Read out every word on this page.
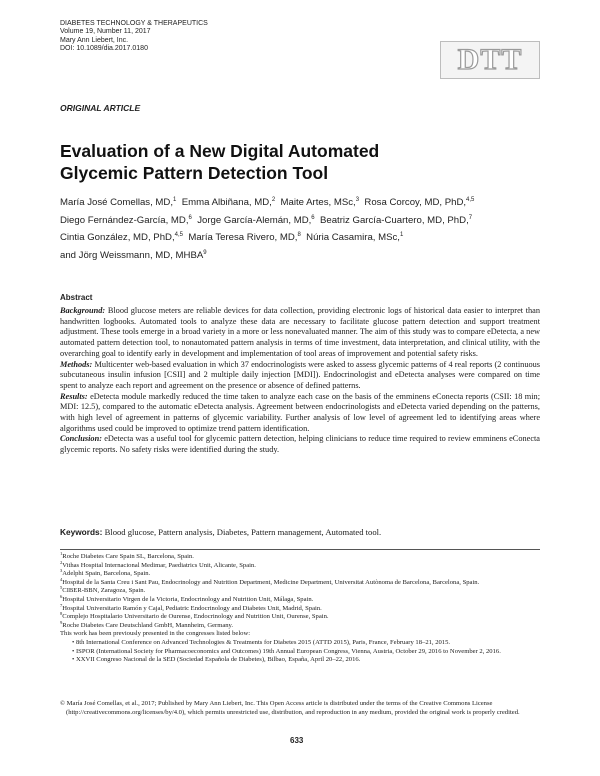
DIABETES TECHNOLOGY & THERAPEUTICS
Volume 19, Number 11, 2017
Mary Ann Liebert, Inc.
DOI: 10.1089/dia.2017.0180	DTT
ORIGINAL ARTICLE
Evaluation of a New Digital Automated
Glycemic Pattern Detection Tool
María José Comellas, MD,$^1$ Emma Albiñana, MD,$^2$ Maite Artes, MSc,$^3$ Rosa Corcoy, MD, PhD,$^{4,5}$
Diego Fernández-García, MD,$^6$ Jorge García-Alemán, MD,$^6$ Beatriz García-Cuartero, MD, PhD,$^7$
Cintia González, MD, PhD,$^{4,5}$ María Teresa Rivero, MD,$^8$ Núria Casamira, MSc,$^1$
and Jörg Weissmann, MD, MHBA$^9$
Abstract

Background: Blood glucose meters are reliable devices for data collection, providing electronic logs of historical data easier to interpret than handwritten logbooks. Automated tools to analyze these data are necessary to facilitate glucose pattern detection and support treatment adjustment. These tools emerge in a broad variety in a more or less nonevaluated manner. The aim of this study was to compare eDetecta, a new automated pattern detection tool, to nonautomated pattern analysis in terms of time investment, data interpretation, and clinical utility, with the overarching goal to identify early in development and implementation of tool areas of improvement and potential safety risks.

Methods: Multicenter web-based evaluation in which 37 endocrinologists were asked to assess glycemic patterns of 4 real reports (2 continuous subcutaneous insulin infusion [CSII] and 2 multiple daily injection [MDI]). Endocrinologist and eDetecta analyses were compared on time spent to analyze each report and agreement on the presence or absence of defined patterns.

Results: eDetecta module markedly reduced the time taken to analyze each case on the basis of the emminens eConecta reports (CSII: 18 min; MDI: 12.5), compared to the automatic eDetecta analysis. Agreement between endocrinologists and eDetecta varied depending on the patterns, with high level of agreement in patterns of glycemic variability. Further analysis of low level of agreement led to identifying areas where algorithms used could be improved to optimize trend pattern identification.

Conclusion: eDetecta was a useful tool for glycemic pattern detection, helping clinicians to reduce time required to review emminens eConecta glycemic reports. No safety risks were identified during the study.

Keywords: Blood glucose, Pattern analysis, Diabetes, Pattern management, Automated tool.
$^1$Roche Diabetes Care Spain SL, Barcelona, Spain.
$^2$Vithas Hospital Internacional Medimar, Paediatrics Unit, Alicante, Spain.
$^3$Adelphi Spain, Barcelona, Spain.
$^4$Hospital de la Santa Creu i Sant Pau, Endocrinology and Nutrition Department, Medicine Department, Universitat Autònoma de Barcelona, Barcelona, Spain.
$^5$CIBER-BBN, Zaragoza, Spain.
$^6$Hospital Universitario Virgen de la Victoria, Endocrinology and Nutrition Unit, Málaga, Spain.
$^7$Hospital Universitario Ramón y Cajal, Pediatric Endocrinology and Diabetes Unit, Madrid, Spain.
$^8$Complejo Hospitalario Universitario de Ourense, Endocrinology and Nutrition Unit, Ourense, Spain.
$^9$Roche Diabetes Care Deutschland GmbH, Mannheim, Germany.
This work has been previously presented in the congresses listed below:
• 8th International Conference on Advanced Technologies & Treatments for Diabetes 2015 (ATTD 2015), Paris, France, February 18–21, 2015.
• ISPOR (International Society for Pharmacoeconomics and Outcomes) 19th Annual European Congress, Vienna, Austria, October 29, 2016 to November 2, 2016.
• XXVII Congreso Nacional de la SED (Sociedad Española de Diabetes), Bilbao, España, April 20–22, 2016.
© María José Comellas, et al., 2017; Published by Mary Ann Liebert, Inc. This Open Access article is distributed under the terms of the Creative Commons License (http://creativecommons.org/licenses/by/4.0), which permits unrestricted use, distribution, and reproduction in any medium, provided the original work is properly credited.
633
